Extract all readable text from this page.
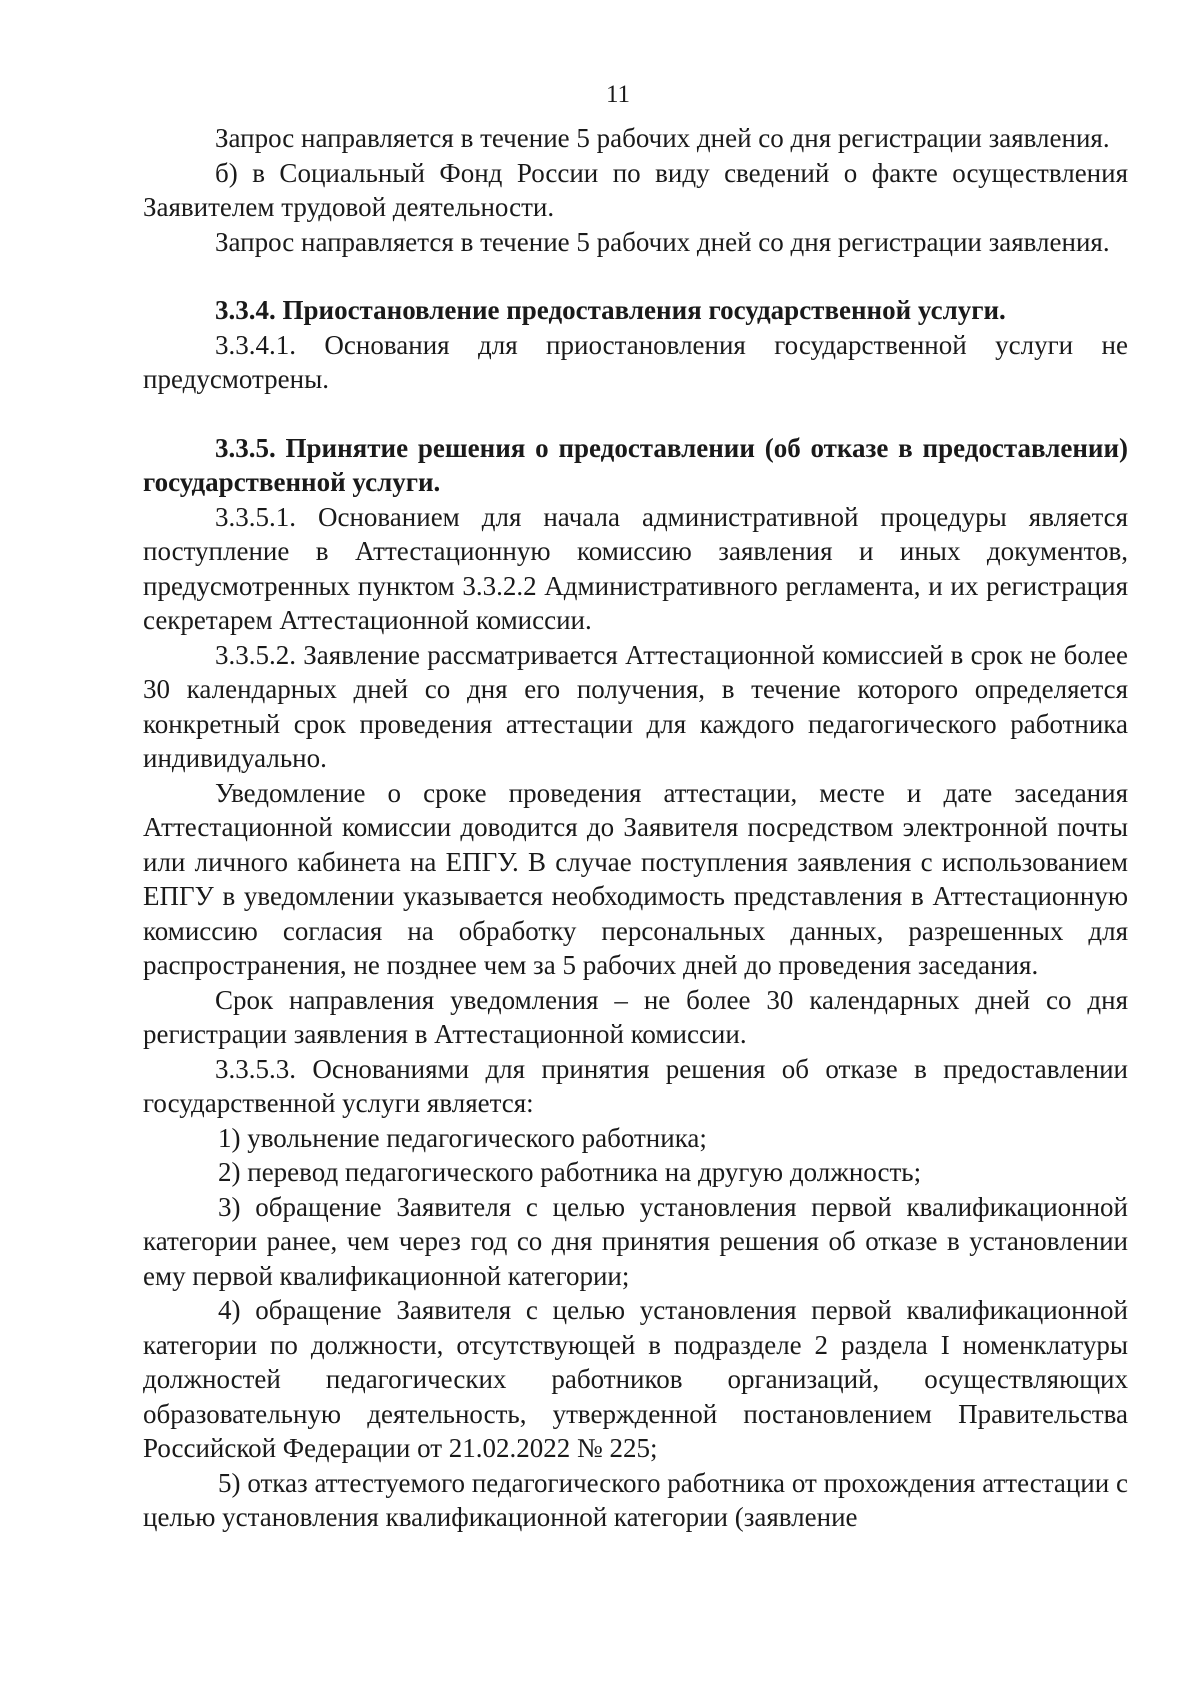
11

Запрос направляется в течение 5 рабочих дней со дня регистрации заявления.

б) в Социальный Фонд России по виду сведений о факте осуществления Заявителем трудовой деятельности.

Запрос направляется в течение 5 рабочих дней со дня регистрации заявления.

3.3.4. Приостановление предоставления государственной услуги.

3.3.4.1. Основания для приостановления государственной услуги не предусмотрены.

3.3.5. Принятие решения о предоставлении (об отказе в предоставлении) государственной услуги.

3.3.5.1. Основанием для начала административной процедуры является поступление в Аттестационную комиссию заявления и иных документов, предусмотренных пунктом 3.3.2.2 Административного регламента, и их регистрация секретарем Аттестационной комиссии.

3.3.5.2. Заявление рассматривается Аттестационной комиссией в срок не более 30 календарных дней со дня его получения, в течение которого определяется конкретный срок проведения аттестации для каждого педагогического работника индивидуально.

Уведомление о сроке проведения аттестации, месте и дате заседания Аттестационной комиссии доводится до Заявителя посредством электронной почты или личного кабинета на ЕПГУ. В случае поступления заявления с использованием ЕПГУ в уведомлении указывается необходимость представления в Аттестационную комиссию согласия на обработку персональных данных, разрешенных для распространения, не позднее чем за 5 рабочих дней до проведения заседания.

Срок направления уведомления – не более 30 календарных дней со дня регистрации заявления в Аттестационной комиссии.

3.3.5.3. Основаниями для принятия решения об отказе в предоставлении государственной услуги является:

1) увольнение педагогического работника;

2) перевод педагогического работника на другую должность;

3) обращение Заявителя с целью установления первой квалификационной категории ранее, чем через год со дня принятия решения об отказе в установлении ему первой квалификационной категории;

4) обращение Заявителя с целью установления первой квалификационной категории по должности, отсутствующей в подразделе 2 раздела I номенклатуры должностей педагогических работников организаций, осуществляющих образовательную деятельность, утвержденной постановлением Правительства Российской Федерации от 21.02.2022 № 225;

5) отказ аттестуемого педагогического работника от прохождения аттестации с целью установления квалификационной категории (заявление
